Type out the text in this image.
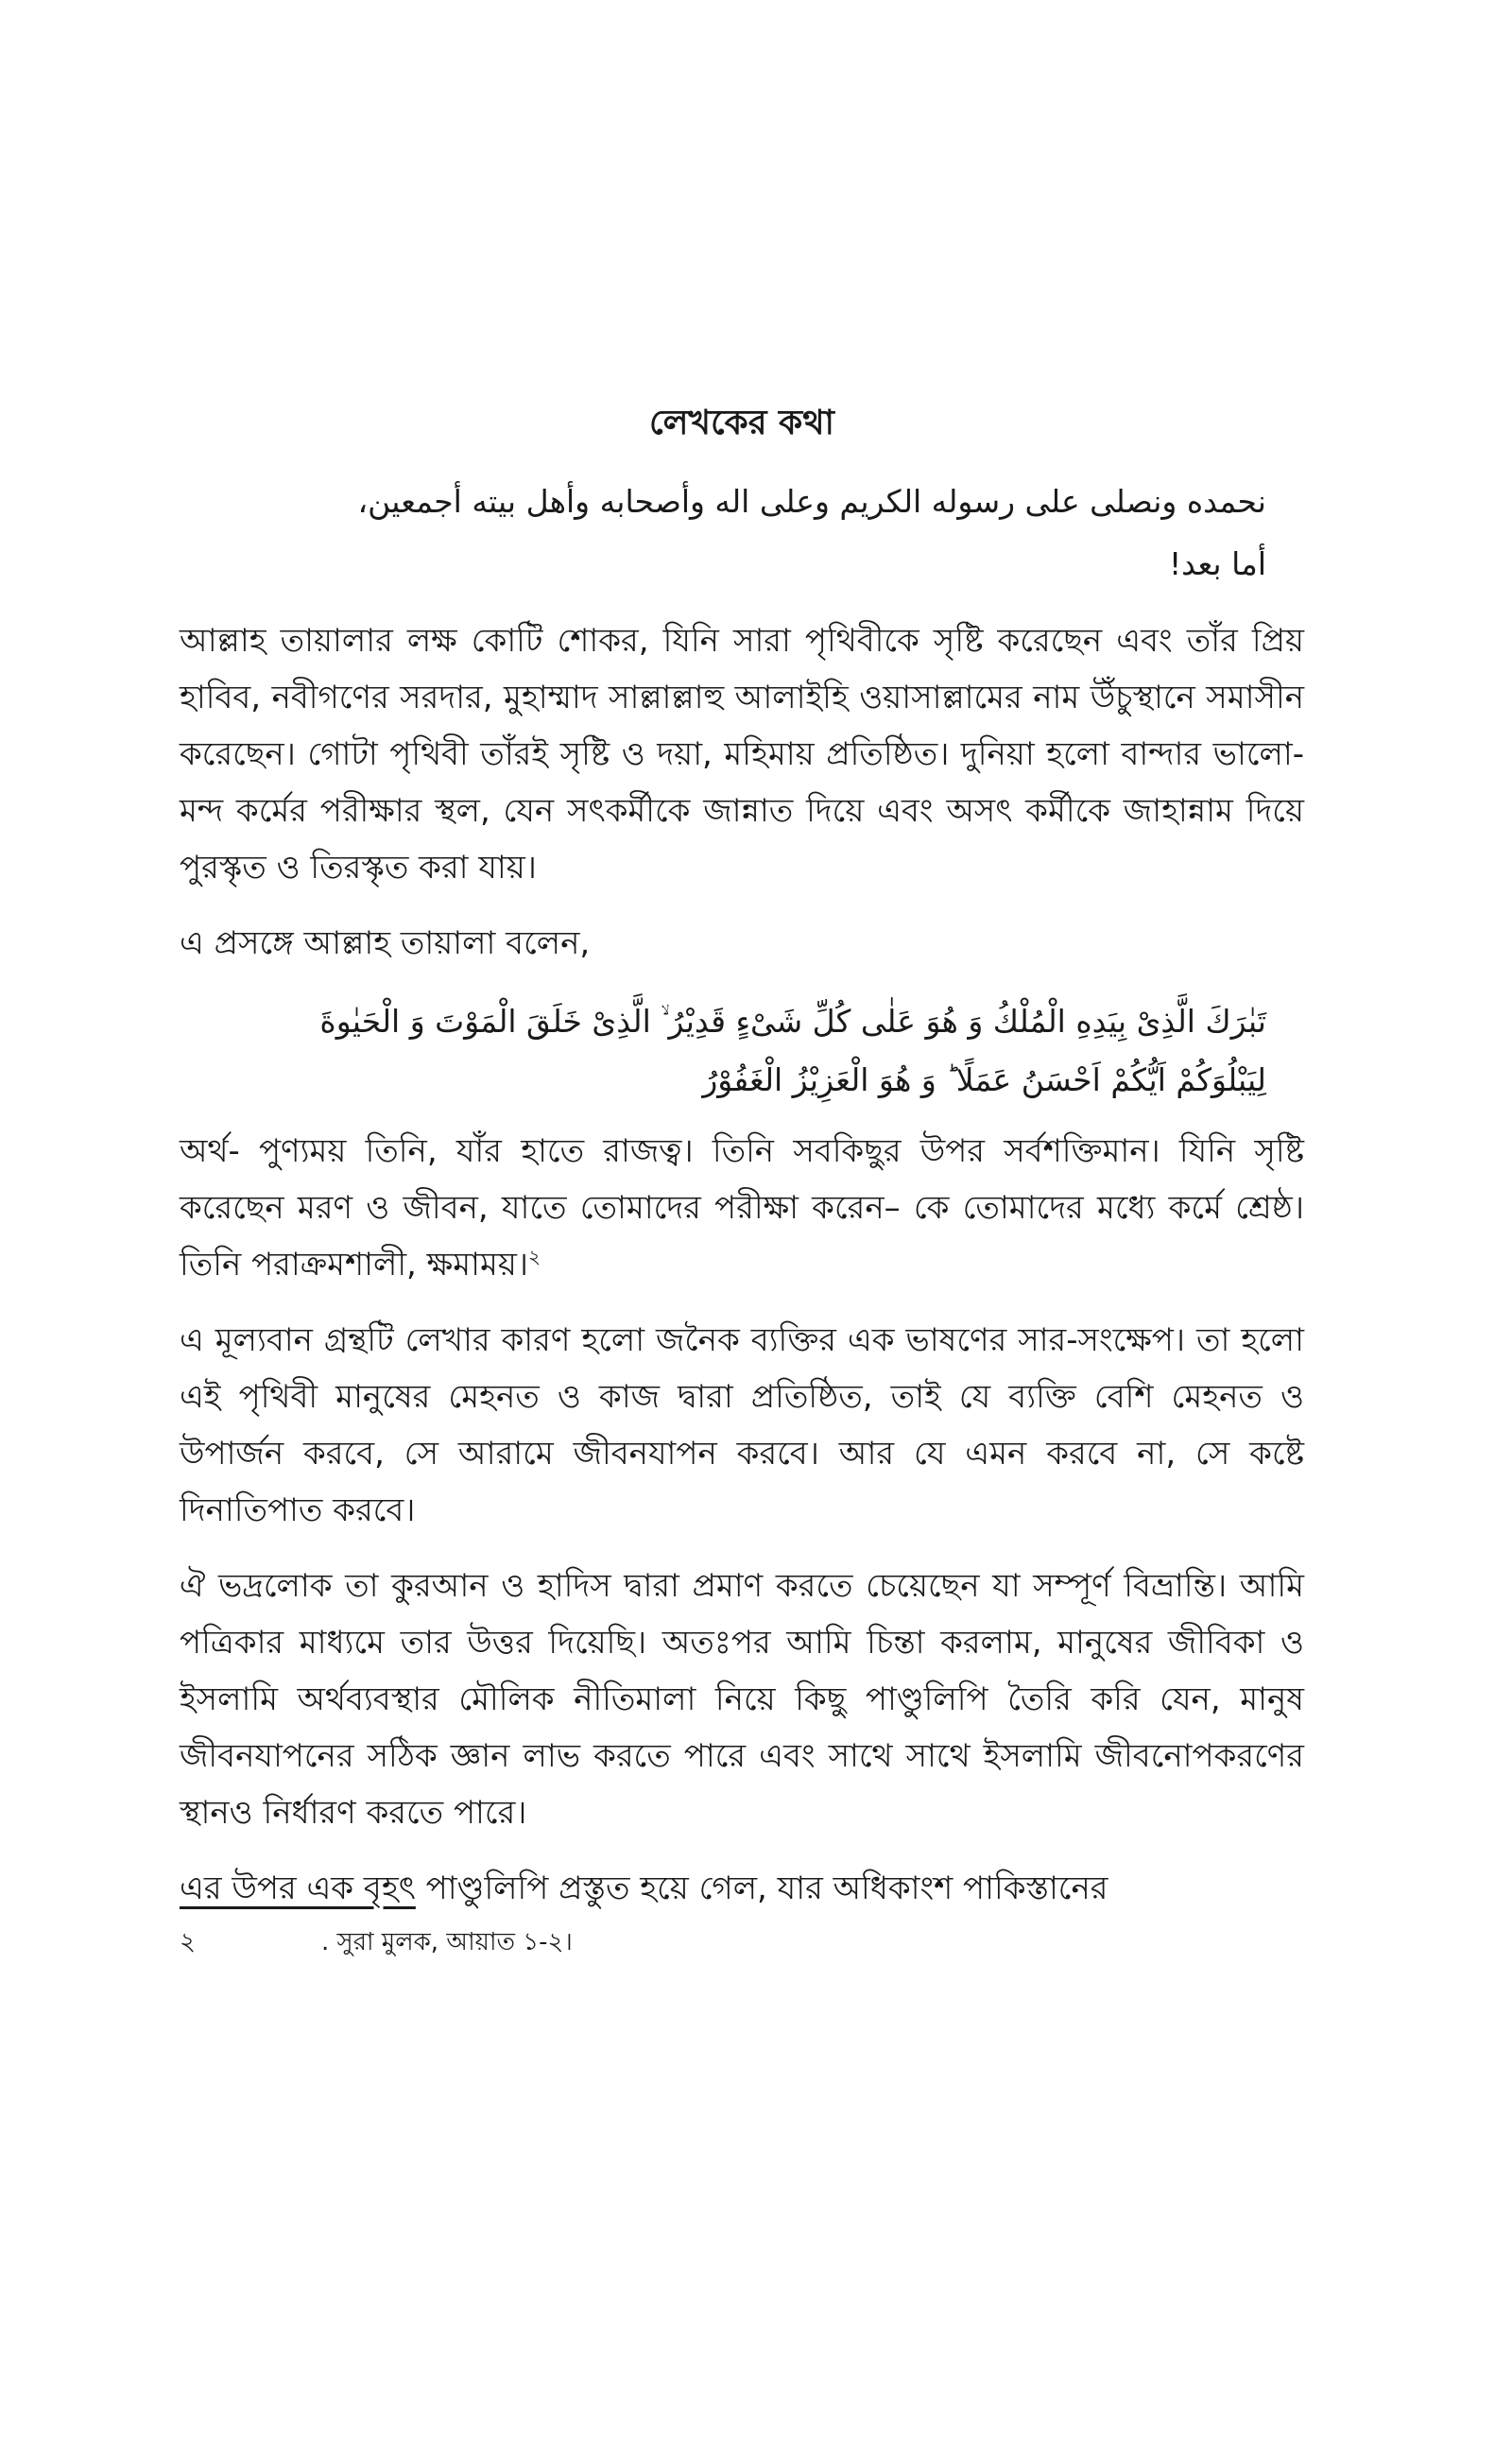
লেখকের কথা
نحمده ونصلى على رسوله الكريم وعلى اله وأصحابه وأهل بيته أجمعين،
أما بعد!

আল্লাহ তায়ালার লক্ষ কোটি শোকর, যিনি সারা পৃথিবীকে সৃষ্টি করেছেন এবং তাঁর প্রিয় হাবিব, নবীগণের সরদার, মুহাম্মাদ সাল্লাল্লাহু আলাইহি ওয়াসাল্লামের নাম উঁচুস্থানে সমাসীন করেছেন। গোটা পৃথিবী তাঁরই সৃষ্টি ও দয়া, মহিমায় প্রতিষ্ঠিত। দুনিয়া হলো বান্দার ভালো-মন্দ কর্মের পরীক্ষার স্থল, যেন সৎকর্মীকে জান্নাত দিয়ে এবং অসৎ কর্মীকে জাহান্নাম দিয়ে পুরস্কৃত ও তিরস্কৃত করা যায়।

এ প্রসঙ্গে আল্লাহ তায়ালা বলেন,

تَبٰرَكَ الَّذِیْ بِیَدِهِ الْمُلْكُ وَ هُوَ عَلٰى كُلِّ شَیْءٍ قَدِیْرُ ۙ الَّذِیْ خَلَقَ الْمَوْتَ وَ الْحَیٰوةَ
لِیَبْلُوَكُمْ اَیُّكُمْ اَحْسَنُ عَمَلًا ؕ وَ هُوَ الْعَزِیْزُ الْغَفُوْرُ

অর্থ- পুণ্যময় তিনি, যাঁর হাতে রাজত্ব। তিনি সবকিছুর উপর সর্বশক্তিমান। যিনি সৃষ্টি করেছেন মরণ ও জীবন, যাতে তোমাদের পরীক্ষা করেন– কে তোমাদের মধ্যে কর্মে শ্রেষ্ঠ। তিনি পরাক্রমশালী, ক্ষমাময়।$^২$

এ মূল্যবান গ্রন্থটি লেখার কারণ হলো জনৈক ব্যক্তির এক ভাষণের সার-সংক্ষেপ। তা হলো এই পৃথিবী মানুষের মেহনত ও কাজ দ্বারা প্রতিষ্ঠিত, তাই যে ব্যক্তি বেশি মেহনত ও উপার্জন করবে, সে আরামে জীবনযাপন করবে। আর যে এমন করবে না, সে কষ্টে দিনাতিপাত করবে।

ঐ ভদ্রলোক তা কুরআন ও হাদিস দ্বারা প্রমাণ করতে চেয়েছেন যা সম্পূর্ণ বিভ্রান্তি। আমি পত্রিকার মাধ্যমে তার উত্তর দিয়েছি। অতঃপর আমি চিন্তা করলাম, মানুষের জীবিকা ও ইসলামি অর্থব্যবস্থার মৌলিক নীতিমালা নিয়ে কিছু পাণ্ডুলিপি তৈরি করি যেন, মানুষ জীবনযাপনের সঠিক জ্ঞান লাভ করতে পারে এবং সাথে সাথে ইসলামি জীবনোপকরণের স্থানও নির্ধারণ করতে পারে।

এর উপর এক বৃহৎ পাণ্ডুলিপি প্রস্তুত হয়ে গেল, যার অধিকাংশ পাকিস্তানের

২	. সুরা মুলক, আয়াত ১-২।
